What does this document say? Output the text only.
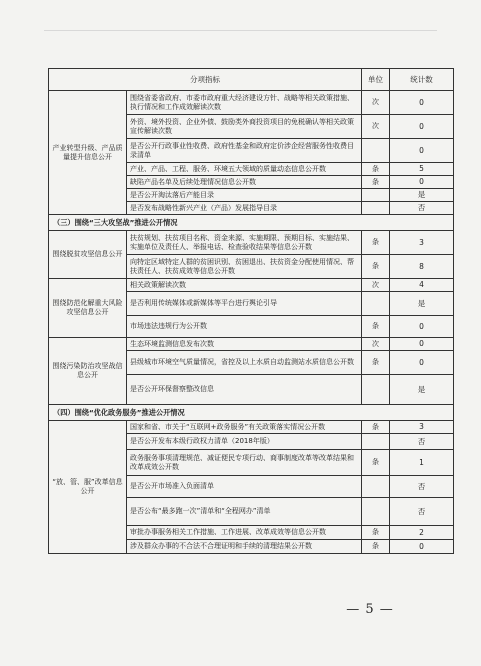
分项指标		单位	统计数
产业转型升级、产品质量提升信息公开	围绕省委省政府、市委市政府重大经济建设方针、战略等相关政策措施、执行情况和工作成效解读次数	次	0
	外资、境外投资、企业外债、鼓励类外商投资项目的免税确认等相关政策宣传解读次数	次	0
	是否公开行政事业性收费、政府性基金和政府定价涉企经营服务性收费目录清单		0
	产业、产品、工程、服务、环境五大领域的质量动态信息公开数	条	5
	缺陷产品名单及后续处理情况信息公开数	条	0
	是否公开淘汰落后产能目录		是
	是否发布战略性新兴产业（产品）发展指导目录		否
（三）围绕“三大攻坚战”推进公开情况			
围绕脱贫攻坚信息公开	扶贫规划、扶贫项目名称、资金来源、实施期限、预期目标、实施结果、实施单位及责任人、举报电话、检查验收结果等信息公开数	条	3
	向特定区域特定人群的贫困识别、贫困退出、扶贫资金分配使用情况、帮扶责任人、扶贫成效等信息公开数	条	8
围绕防范化解重大风险攻坚信息公开	相关政策解读次数	次	4
	是否利用传统媒体或新媒体等平台进行舆论引导		是
	市场违法违规行为公开数	条	0
围绕污染防治攻坚战信息公开	生态环境监测信息发布次数	次	0
	县级城市环境空气质量情况，省控及以上水质自动监测站水质信息公开数	条	0
	是否公开环保督察整改信息		是
（四）围绕“优化政务服务”推进公开情况			
“放、管、服”改革信息公开	国家和省、市关于“互联网+政务服务”有关政策落实情况公开数	条	3
	是否公开发布本级行政权力清单（2018年版）		否
	政务服务事项清理规范、减证便民专项行动、商事制度改革等改革结果和改革成效公开数	条	1
	是否公开市场准入负面清单		否
	是否公布“最多跑一次”清单和“全程网办”清单		否
	审批办事服务相关工作措施、工作进展、改革成效等信息公开数	条	2
	涉及群众办事的不合法不合理证明和手续的清理结果公开数	条	0
— 5 —
